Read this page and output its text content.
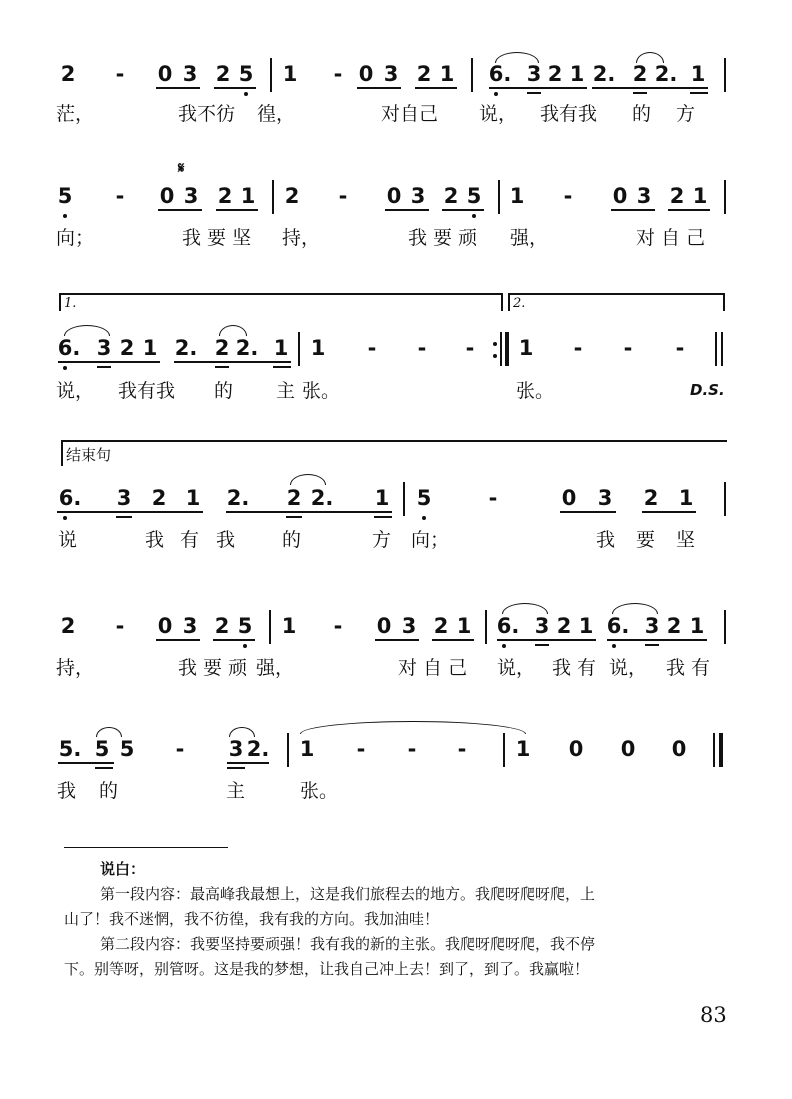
2 - 0 3 2 5 1 - 0 3 2 1 6. 3 2 1 2. 2 2. 1
茫，	我不彷 徨，	对自己 说， 我有我 的 方
𝄋
5 - 0 3 2 1 2 - 0 3 2 5 1 - 0 3 2 1
向；	我 要 坚 持，	我 要 顽 强，	对 自 己
1.	2.
6. 3 2 1 2. 2 2. 1 1 - - - 1 - - -
说， 我有我 的 主 张。	张。	D.S.
结束句
6. 3 2 1 2. 2 2. 1 5	-	0 3 2 1
说	我 有 我 的	方 向；	我 要 坚
2 - 0 3 2 5 1 - 0 3 2 1 6. 3 2 1 6. 3 2 1
持，	我 要 顽 强，	对 自 己 说， 我 有 说， 我 有
5. 5 5 - 3 2. 1 - - - 1 0 0 0
我 的	主	张。
说白：
第一段内容：最高峰我最想上，这是我们旅程去的地方。我爬呀爬呀爬，上
山了！我不迷惘，我不彷徨，我有我的方向。我加油哇！
第二段内容：我要坚持要顽强！我有我的新的主张。我爬呀爬呀爬，我不停
下。别等呀，别管呀。这是我的梦想，让我自己冲上去！到了，到了。我赢啦！
83
